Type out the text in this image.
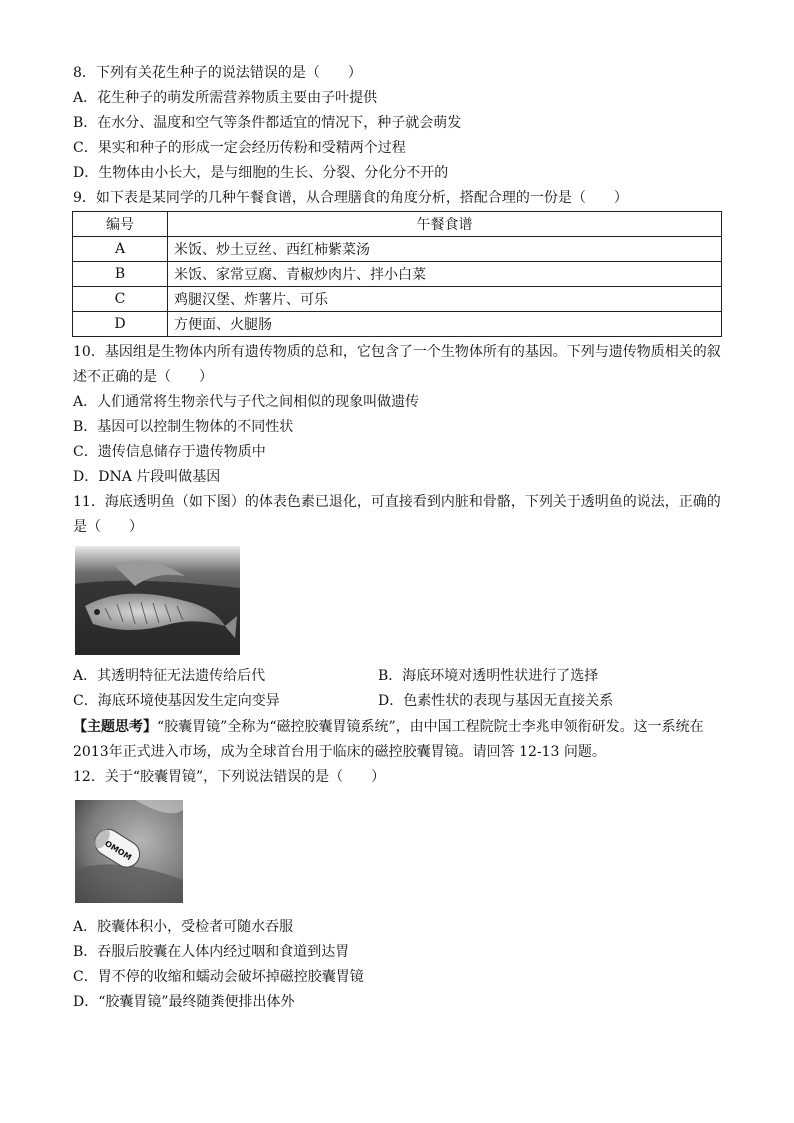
8．下列有关花生种子的说法错误的是（　　）
A．花生种子的萌发所需营养物质主要由子叶提供
B．在水分、温度和空气等条件都适宜的情况下，种子就会萌发
C．果实和种子的形成一定会经历传粉和受精两个过程
D．生物体由小长大，是与细胞的生长、分裂、分化分不开的
9．如下表是某同学的几种午餐食谱，从合理膳食的角度分析，搭配合理的一份是（　　）
编号	午餐食谱
A	米饭、炒土豆丝、西红柿紫菜汤
B	米饭、家常豆腐、青椒炒肉片、拌小白菜
C	鸡腿汉堡、炸薯片、可乐
D	方便面、火腿肠
10．基因组是生物体内所有遗传物质的总和，它包含了一个生物体所有的基因。下列与遗传物质相关的叙
述不正确的是（　　）
A．人们通常将生物亲代与子代之间相似的现象叫做遗传
B．基因可以控制生物体的不同性状
C．遗传信息储存于遗传物质中
D．DNA 片段叫做基因
11．海底透明鱼（如下图）的体表色素已退化，可直接看到内脏和骨骼，下列关于透明鱼的说法，正确的
是（　　）
A．其透明特征无法遗传给后代	B．海底环境对透明性状进行了选择
C．海底环境使基因发生定向变异	D．色素性状的表现与基因无直接关系
【主题思考】“胶囊胃镜”全称为“磁控胶囊胃镜系统”，由中国工程院院士李兆申领衔研发。这一系统在
2013年正式进入市场，成为全球首台用于临床的磁控胶囊胃镜。请回答 12-13 问题。
12．关于“胶囊胃镜”，下列说法错误的是（　　）
OMOM
A．胶囊体积小，受检者可随水吞服
B．吞服后胶囊在人体内经过咽和食道到达胃
C．胃不停的收缩和蠕动会破坏掉磁控胶囊胃镜
D．“胶囊胃镜”最终随粪便排出体外
